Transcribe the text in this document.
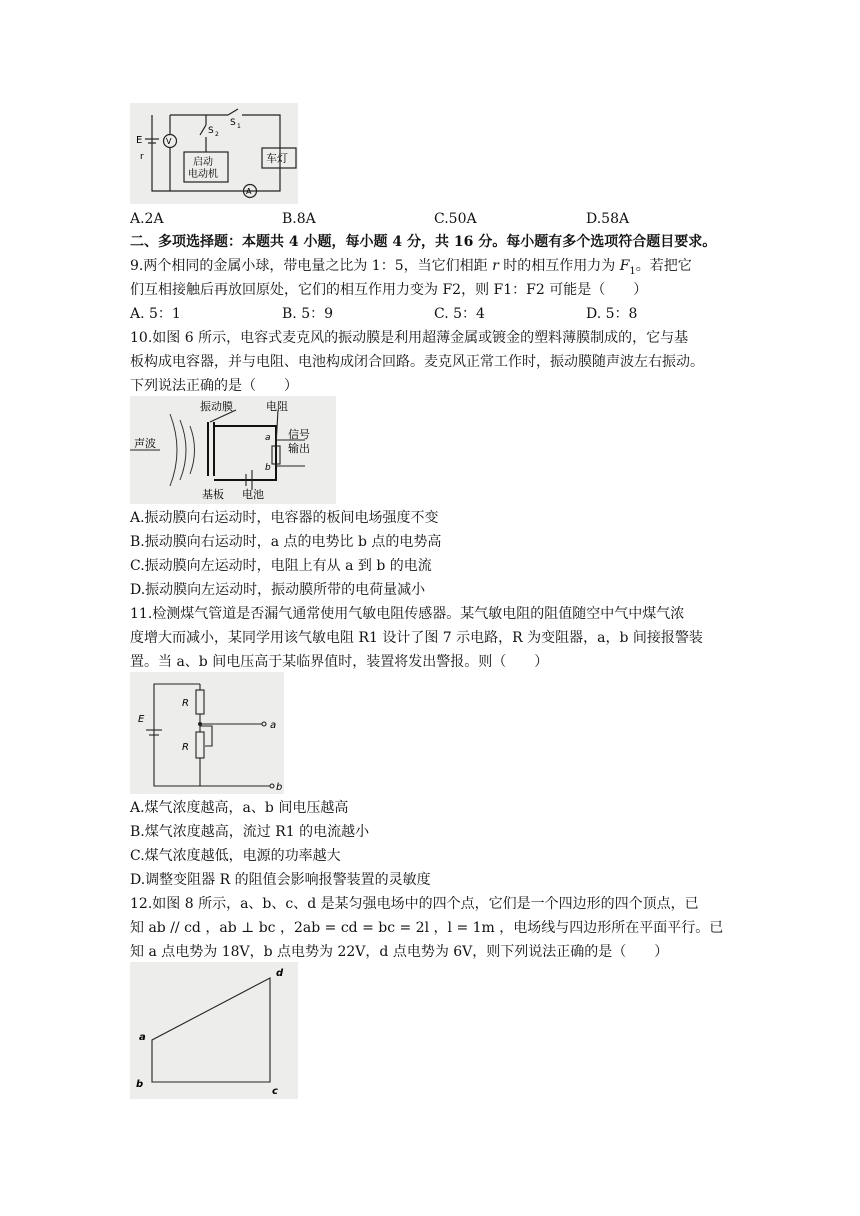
E
r
V
S 2
S 1
启动
电动机
车灯
A
A.2A	B.8A	C.50A	D.58A
二、多项选择题：本题共 4 小题，每小题 4 分，共 16 分。每小题有多个选项符合题目要求。
9.两个相同的金属小球，带电量之比为 1：5，当它们相距 r 时的相互作用力为 $F_1$。若把它
们互相接触后再放回原处，它们的相互作用力变为 F2，则 F1：F2 可能是（　　）
A. 5：1	B. 5：9	C. 5：4	D. 5：8
10.如图 6 所示，电容式麦克风的振动膜是利用超薄金属或镀金的塑料薄膜制成的，它与基
板构成电容器，并与电阻、电池构成闭合回路。麦克风正常工作时，振动膜随声波左右振动。
下列说法正确的是（　　）
声波
振动膜	电阻
信号
输出
a
b
基板 电池
A.振动膜向右运动时，电容器的板间电场强度不变
B.振动膜向右运动时，a 点的电势比 b 点的电势高
C.振动膜向左运动时，电阻上有从 a 到 b 的电流
D.振动膜向左运动时，振动膜所带的电荷量减小
11.检测煤气管道是否漏气通常使用气敏电阻传感器。某气敏电阻的阻值随空中气中煤气浓
度增大而减小，某同学用该气敏电阻 R1 设计了图 7 示电路，R 为变阻器，a，b 间接报警装
置。当 a、b 间电压高于某临界值时，装置将发出警报。则（　　）
E
R
R
a
b
A.煤气浓度越高，a、b 间电压越高
B.煤气浓度越高，流过 R1 的电流越小
C.煤气浓度越低，电源的功率越大
D.调整变阻器 R 的阻值会影响报警装置的灵敏度
12.如图 8 所示，a、b、c、d 是某匀强电场中的四个点，它们是一个四边形的四个顶点，已
知 ab // cd ，ab ⊥ bc ，2ab = cd = bc = 2l ，l = 1m ，电场线与四边形所在平面平行。已
知 a 点电势为 18V，b 点电势为 22V，d 点电势为 6V，则下列说法正确的是（　　）
a
b
c
d
